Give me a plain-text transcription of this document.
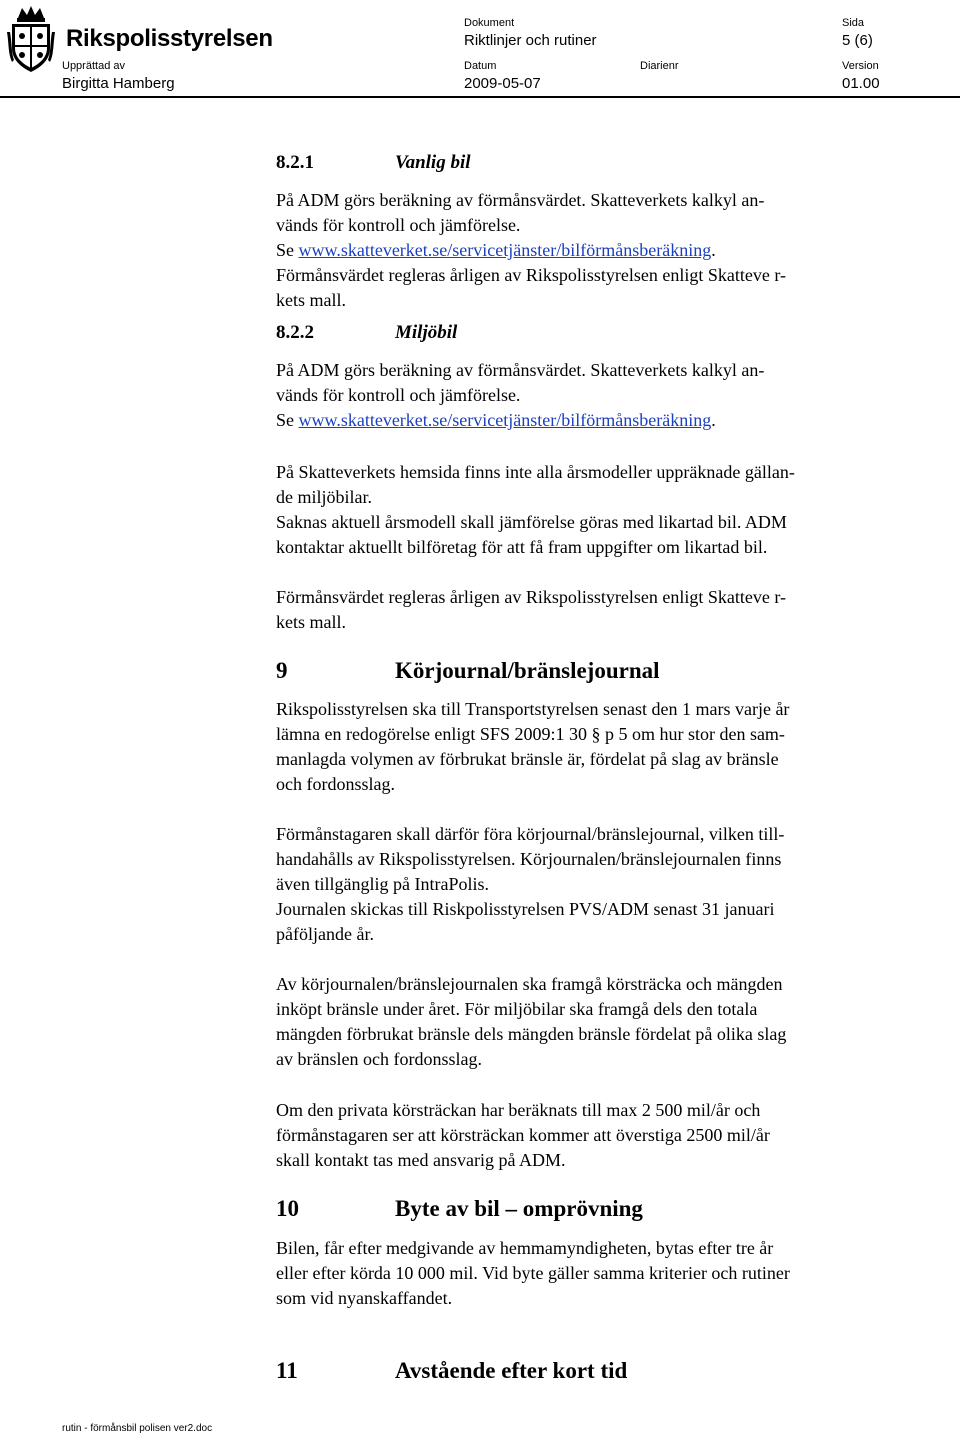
Rikspolisstyrelsen
Dokument
Riktlinjer och rutiner
Sida
5 (6)
Upprättad av
Birgitta Hamberg
Datum
2009-05-07
Diarienr	Version
01.00
8.2.1	Vanlig bil

På ADM görs beräkning av förmånsvärdet. Skatteverkets kalkyl an-
vänds för kontroll och jämförelse.
Se www.skatteverket.se/servicetjänster/bilförmånsberäkning.
Förmånsvärdet regleras årligen av Rikspolisstyrelsen enligt Skatteve r-
kets mall.

8.2.2	Miljöbil

På ADM görs beräkning av förmånsvärdet. Skatteverkets kalkyl an-
vänds för kontroll och jämförelse.
Se www.skatteverket.se/servicetjänster/bilförmånsberäkning.

På Skatteverkets hemsida finns inte alla årsmodeller uppräknade gällan-
de miljöbilar.
Saknas aktuell årsmodell skall jämförelse göras med likartad bil. ADM
kontaktar aktuellt bilföretag för att få fram uppgifter om likartad bil.

Förmånsvärdet regleras årligen av Rikspolisstyrelsen enligt Skatteve r-
kets mall.

9	Körjournal/bränslejournal

Rikspolisstyrelsen ska till Transportstyrelsen senast den 1 mars varje år
lämna en redogörelse enligt SFS 2009:1 30 § p 5 om hur stor den sam-
manlagda volymen av förbrukat bränsle är, fördelat på slag av bränsle
och fordonsslag.

Förmånstagaren skall därför föra körjournal/bränslejournal, vilken till-
handahålls av Rikspolisstyrelsen. Körjournalen/bränslejournalen finns
även tillgänglig på IntraPolis.
Journalen skickas till Riskpolisstyrelsen PVS/ADM senast 31 januari
påföljande år.

Av körjournalen/bränslejournalen ska framgå körsträcka och mängden
inköpt bränsle under året. För miljöbilar ska framgå dels den totala
mängden förbrukat bränsle dels mängden bränsle fördelat på olika slag
av bränslen och fordonsslag.

Om den privata körsträckan har beräknats till max 2 500 mil/år och
förmånstagaren ser att körsträckan kommer att överstiga 2500 mil/år
skall kontakt tas med ansvarig på ADM.

10	Byte av bil – omprövning

Bilen, får efter medgivande av hemmamyndigheten, bytas efter tre år
eller efter körda 10 000 mil. Vid byte gäller samma kriterier och rutiner
som vid nyanskaffandet.

11	Avstående efter kort tid
rutin - förmånsbil polisen ver2.doc
